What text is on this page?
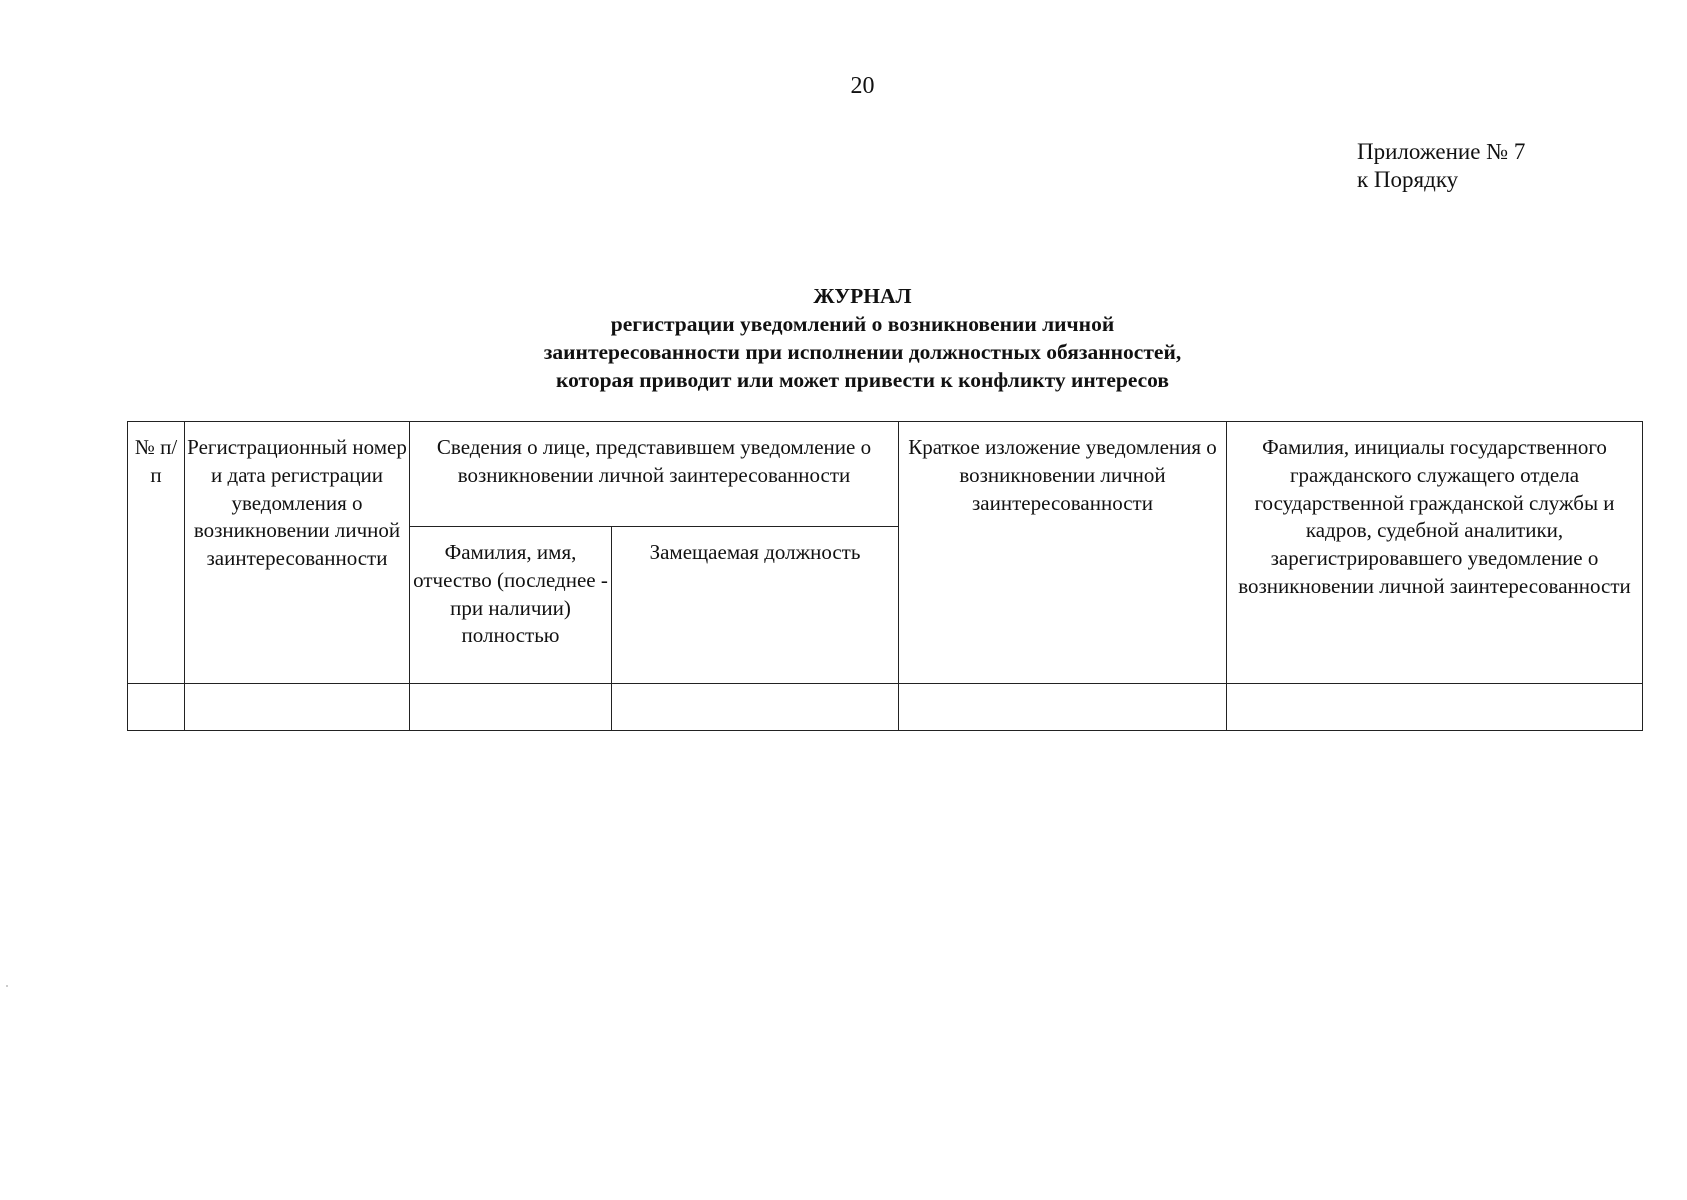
20
Приложение № 7
к Порядку
ЖУРНАЛ
регистрации уведомлений о возникновении личной
заинтересованности при исполнении должностных обязанностей,
которая приводит или может привести к конфликту интересов
№ п/п	Регистрационный номер и дата регистрации уведомления о возникновении личной заинтересованности	Сведения о лице, представившем уведомление о возникновении личной заинтересованности		Краткое изложение уведомления о возникновении личной заинтересованности	Фамилия, инициалы государственного гражданского служащего отдела государственной гражданской службы и кадров, судебной аналитики, зарегистрировавшего уведомление о возникновении личной заинтересованности
		Фамилия, имя, отчество (последнее - при наличии) полностью	Замещаемая должность		
